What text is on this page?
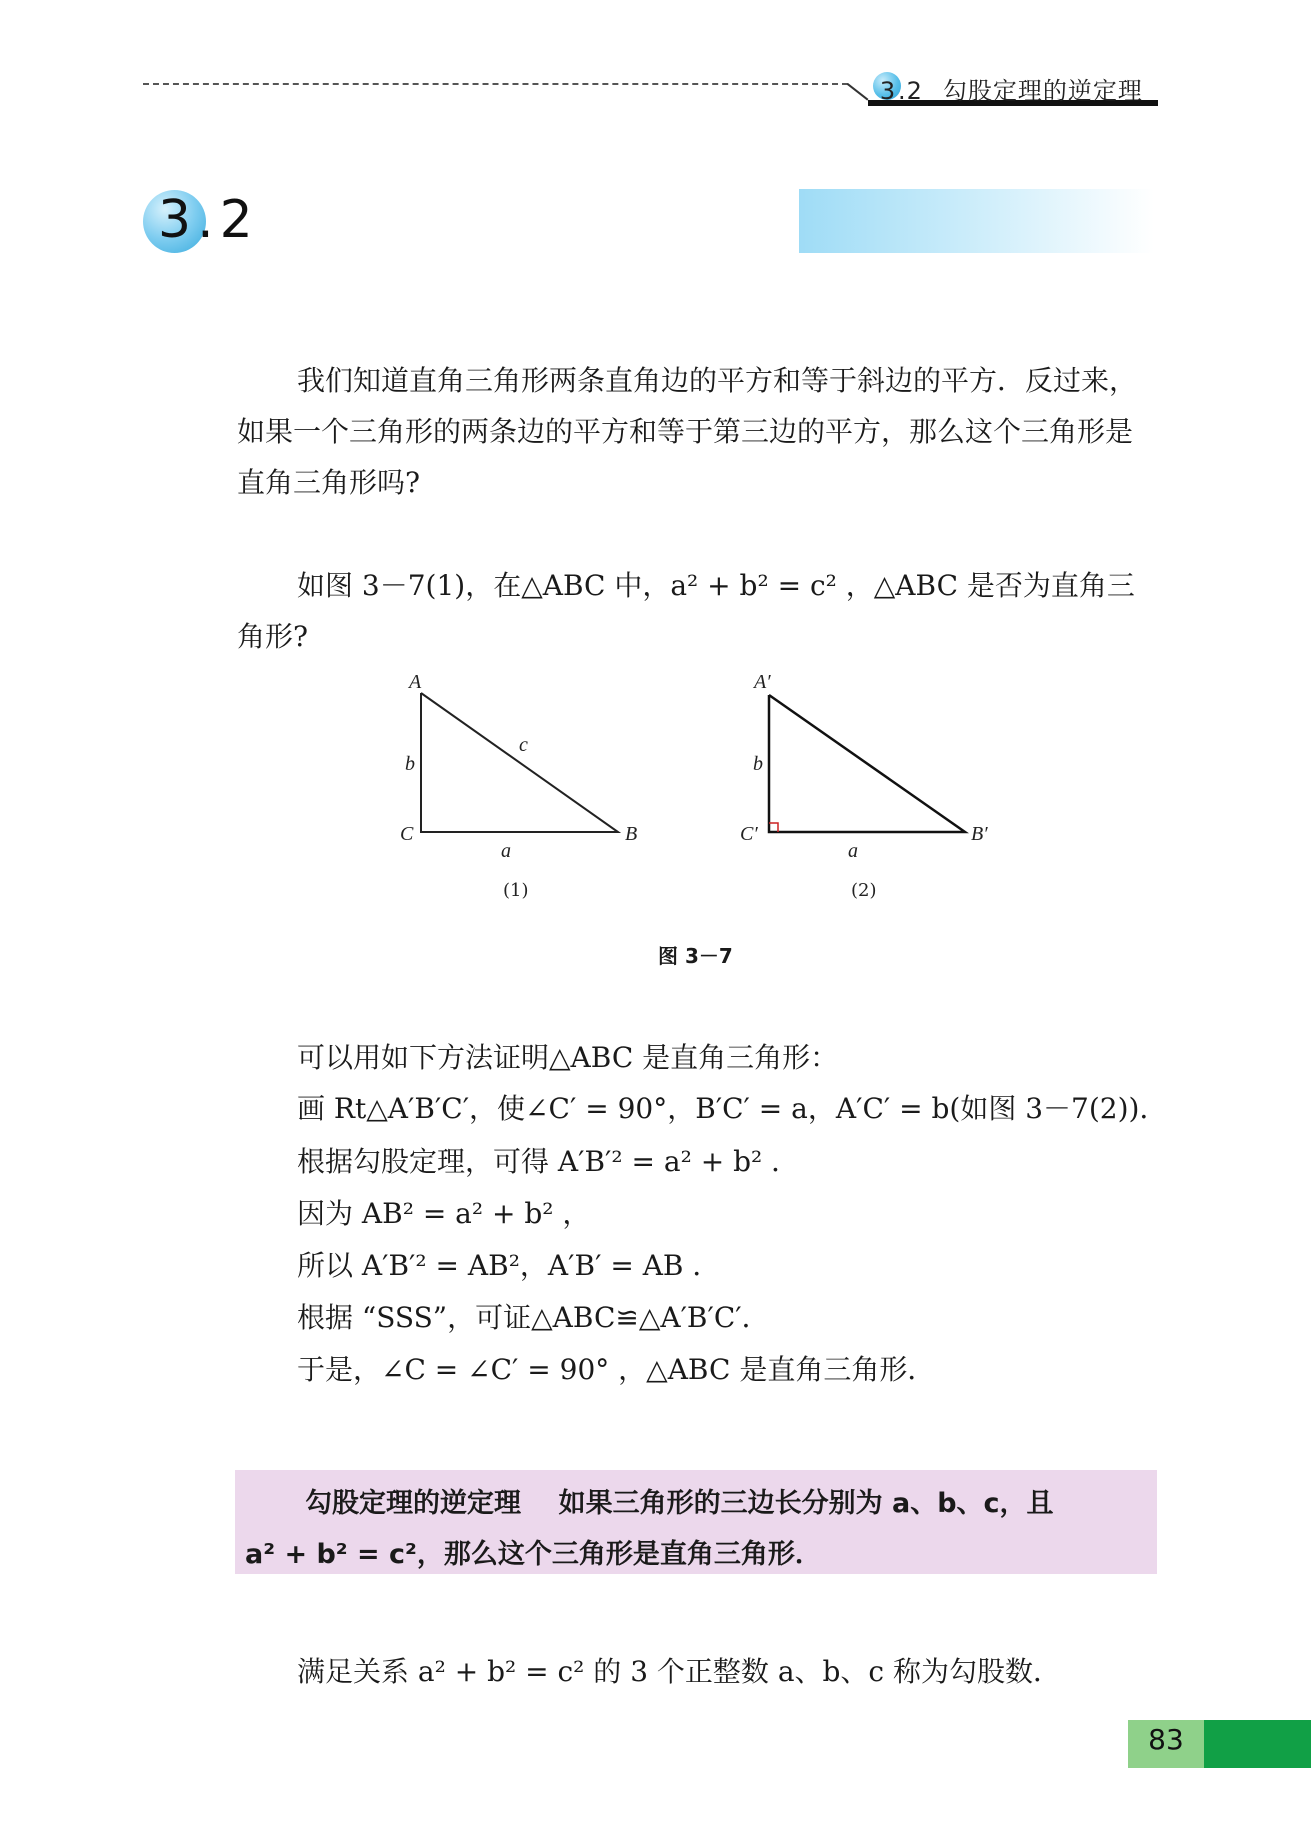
3.2 勾股定理的逆定理
3.2
我们知道直角三角形两条直角边的平方和等于斜边的平方．反过来，如果一个三角形的两条边的平方和等于第三边的平方，那么这个三角形是直角三角形吗?
如图 3－7(1)，在△ABC 中，a² + b² = c² ，△ABC 是否为直角三角形?
A
C	B
b
c
a
(1)
A′
C′	B′
b
a
(2)
图 3－7
可以用如下方法证明△ABC 是直角三角形：
画 Rt△A′B′C′，使∠C′ = 90°，B′C′ = a，A′C′ = b(如图 3－7(2))．
根据勾股定理，可得 A′B′² = a² + b² ．
因为 AB² = a² + b² ，
所以 A′B′² = AB²，A′B′ = AB ．
根据 “SSS”，可证△ABC≌△A′B′C′．
于是，∠C = ∠C′ = 90° ，△ABC 是直角三角形．
勾股定理的逆定理 如果三角形的三边长分别为 a、b、c，且
a² + b² = c²，那么这个三角形是直角三角形．
满足关系 a² + b² = c² 的 3 个正整数 a、b、c 称为勾股数．
83
